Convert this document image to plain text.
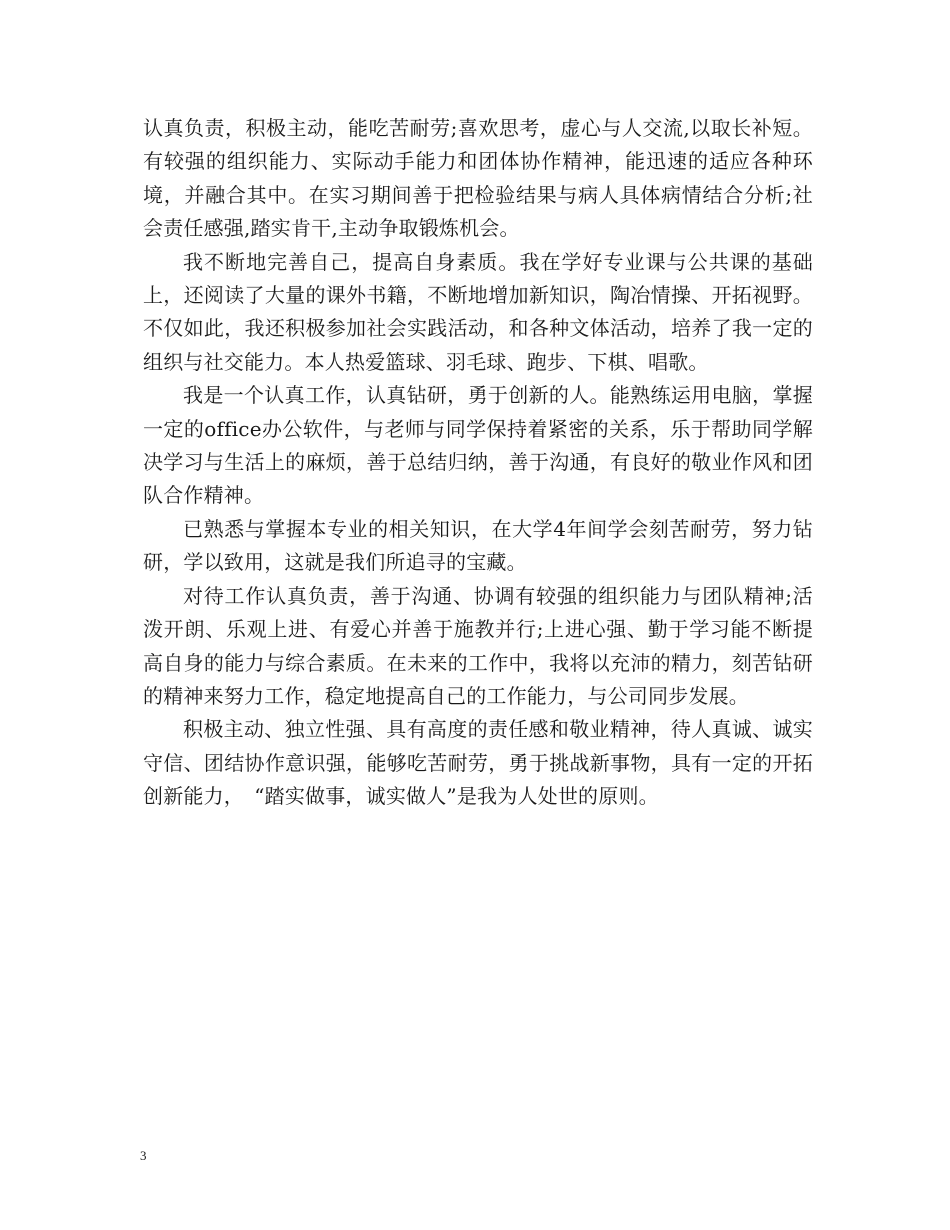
认真负责，积极主动，能吃苦耐劳;喜欢思考，虚心与人交流,以取长补短。有较强的组织能力、实际动手能力和团体协作精神，能迅速的适应各种环境，并融合其中。在实习期间善于把检验结果与病人具体病情结合分析;社会责任感强,踏实肯干,主动争取锻炼机会。

我不断地完善自己，提高自身素质。我在学好专业课与公共课的基础上，还阅读了大量的课外书籍，不断地增加新知识，陶冶情操、开拓视野。不仅如此，我还积极参加社会实践活动，和各种文体活动，培养了我一定的组织与社交能力。本人热爱篮球、羽毛球、跑步、下棋、唱歌。

我是一个认真工作，认真钻研，勇于创新的人。能熟练运用电脑，掌握一定的office办公软件，与老师与同学保持着紧密的关系，乐于帮助同学解决学习与生活上的麻烦，善于总结归纳，善于沟通，有良好的敬业作风和团队合作精神。

已熟悉与掌握本专业的相关知识，在大学4年间学会刻苦耐劳，努力钻研，学以致用，这就是我们所追寻的宝藏。

对待工作认真负责，善于沟通、协调有较强的组织能力与团队精神;活泼开朗、乐观上进、有爱心并善于施教并行;上进心强、勤于学习能不断提高自身的能力与综合素质。在未来的工作中，我将以充沛的精力，刻苦钻研的精神来努力工作，稳定地提高自己的工作能力，与公司同步发展。

积极主动、独立性强、具有高度的责任感和敬业精神，待人真诚、诚实守信、团结协作意识强，能够吃苦耐劳，勇于挑战新事物，具有一定的开拓创新能力，　“踏实做事，诚实做人”是我为人处世的原则。

3
